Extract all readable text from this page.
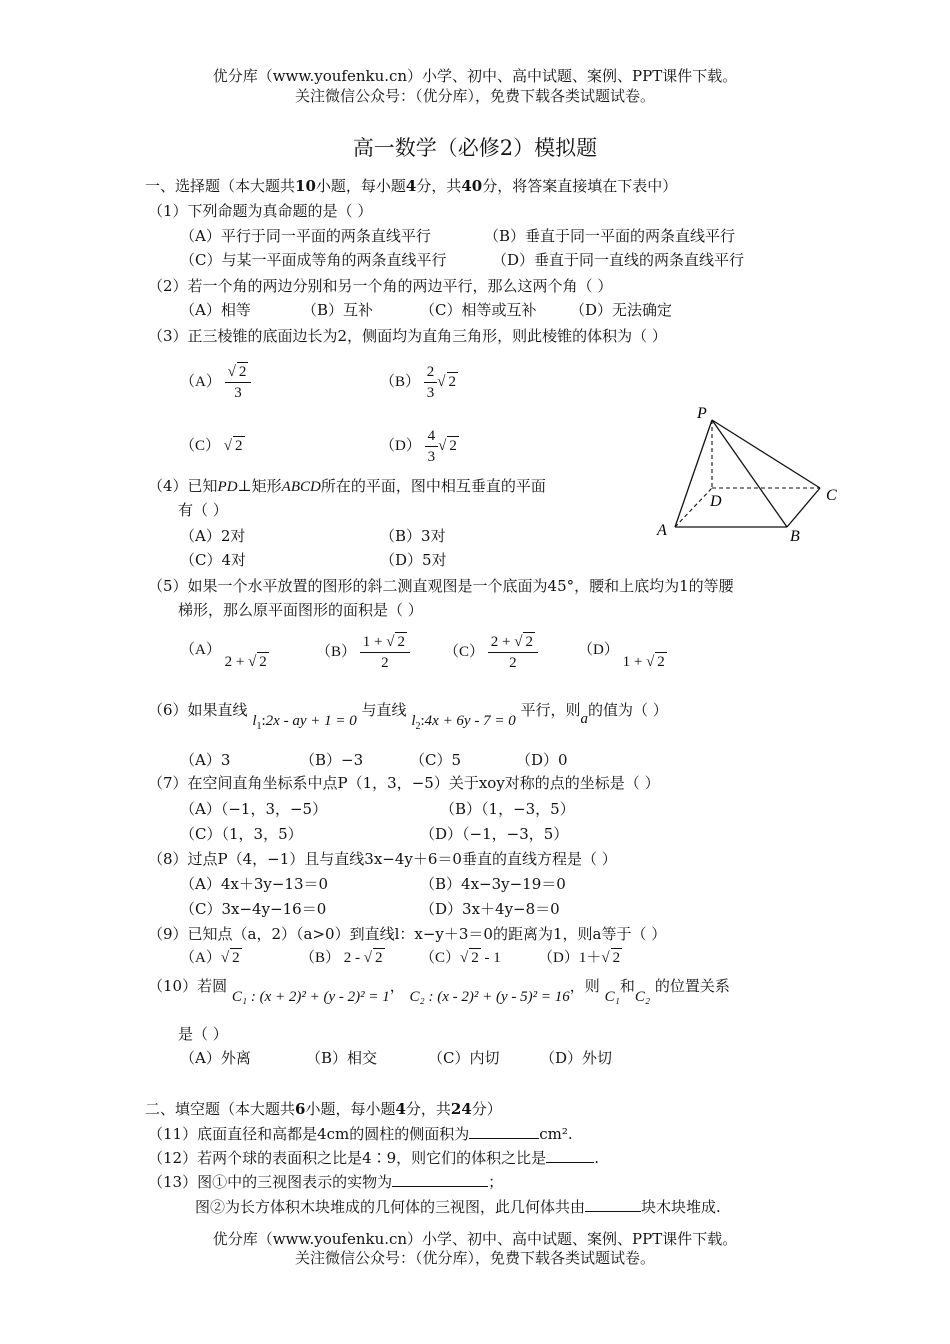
优分库（www.youfenku.cn）小学、初中、高中试题、案例、PPT课件下载。
关注微信公众号：（优分库），免费下载各类试题试卷。
高一数学（必修2）模拟题
一、选择题（本大题共10小题，每小题4分，共40分，将答案直接填在下表中）
（1）下列命题为真命题的是（ ）
（A）平行于同一平面的两条直线平行	（B）垂直于同一平面的两条直线平行
（C）与某一平面成等角的两条直线平行	（D）垂直于同一直线的两条直线平行
（2）若一个角的两边分别和另一个角的两边平行，那么这两个角（ ）
（A）相等	（B）互补	（C）相等或互补 （D）无法确定
（3）正三棱锥的底面边长为2，侧面均为直角三角形，则此棱锥的体积为（ ）
$(A) \frac{√ 2}{3}$	$(B) \frac{2}{3}$ √ 2
（C） √ 2	$(D) \frac{4}{3}$ √ 2
P
A	B
C
D
（4）已知PD⊥矩形ABCD所在的平面，图中相互垂直的平面
有（ ）
（A）2对	（B）3对
（C）4对	（D）5对
（5）如果一个水平放置的图形的斜二测直观图是一个底面为45°，腰和上底均为1的等腰
梯形，那么原平面图形的面积是（ ）
（A） 2 + √ 2
$(B) \frac{1 + √ 2}{2} (C) \frac{2 + √ 2}{2}$	（D） 1 + √ 2
（6）如果直线 $l_1:2x$ - ay + 1 = 0 与直线 $l_2:4x + 6y - 7 = 0$ 平行，则a的值为（ ）
（A）3	（B）−3	（C）5	（D）0
（7）在空间直角坐标系中点P（1，3，−5）关于xoy对称的点的坐标是（ ）
（A）（−1，3，−5）	（B）（1，−3，5）
（C）（1，3，5）	（D）（−1，−3，5）
（8）过点P（4，−1）且与直线3x−4y＋6＝0垂直的直线方程是（ ）
（A）4x＋3y−13＝0	（B）4x−3y−19＝0
（C）3x−4y−16＝0	（D）3x＋4y−8＝0
（9）已知点（a，2）（a>0）到直线l：x−y＋3＝0的距离为1，则a等于（ ）
（A）√ 2	（B） 2 - √ 2	（C）√ 2 - 1 （D）1＋√ 2
（10）若圆 C₁ : (x + 2)² + (y - 2)² = 1， C₂ : (x - 2)² + (y - 5)² = 16，则 C₁和C₂ 的位置关系
是（ ）
（A）外离	（B）相交	（C）内切	（D）外切
二、填空题（本大题共6小题，每小题4分，共24分）
（11）底面直径和高都是4cm的圆柱的侧面积为	cm².
（12）若两个球的表面积之比是4∶9，则它们的体积之比是	.
（13）图①中的三视图表示的实物为	；
图②为长方体积木块堆成的几何体的三视图，此几何体共由	块木块堆成.
优分库（www.youfenku.cn）小学、初中、高中试题、案例、PPT课件下载。
关注微信公众号：（优分库），免费下载各类试题试卷。
